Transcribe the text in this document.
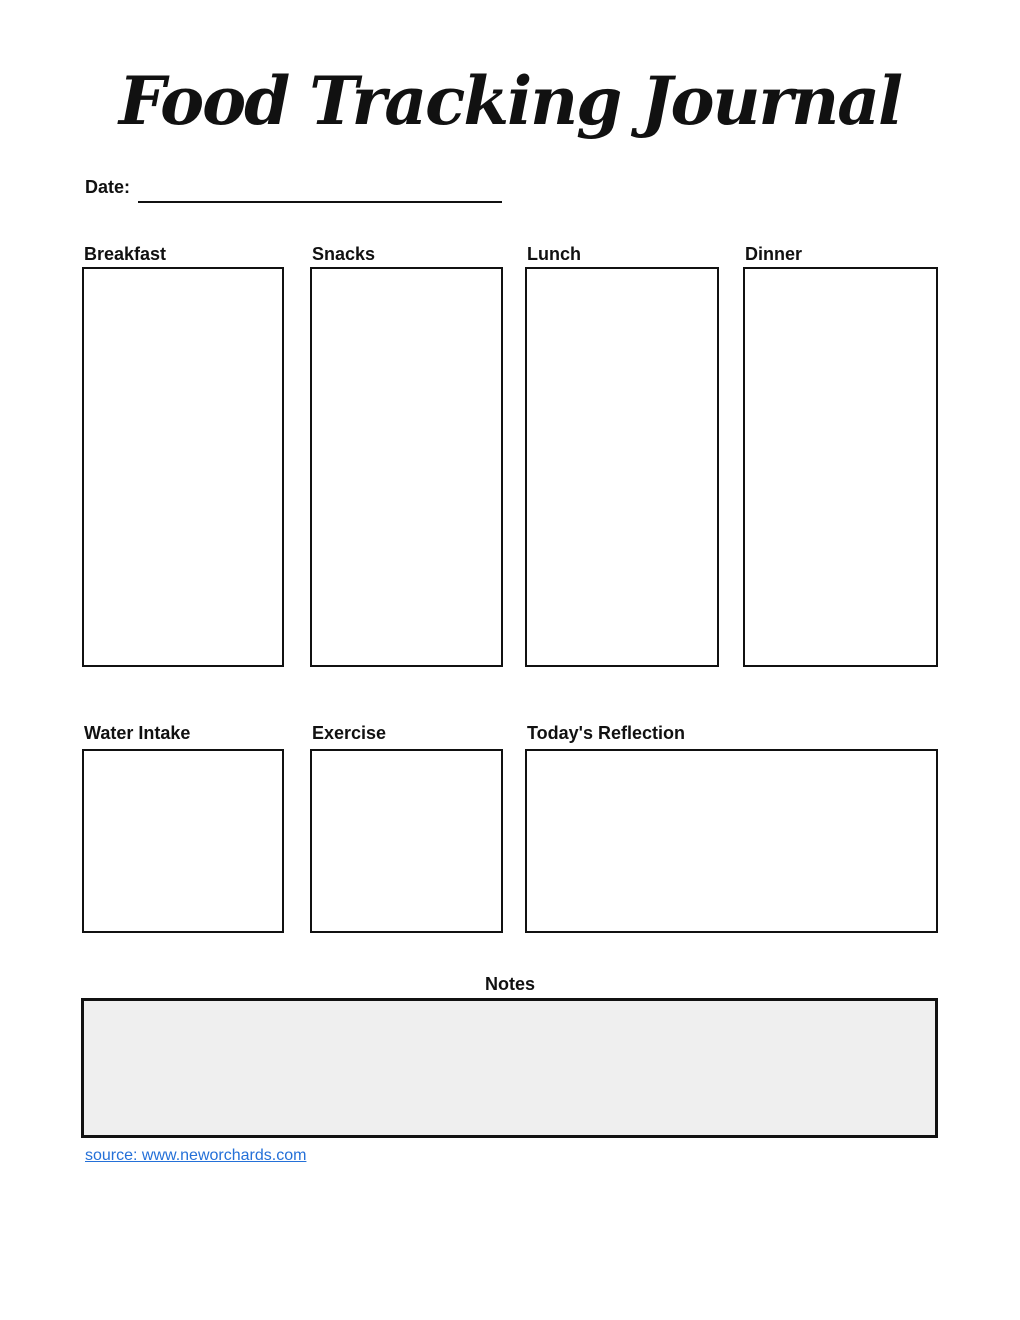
Food Tracking Journal
Date:
Breakfast	Snacks	Lunch	Dinner
Water Intake	Exercise	Today's Reflection
Notes
source: www.neworchards.com
